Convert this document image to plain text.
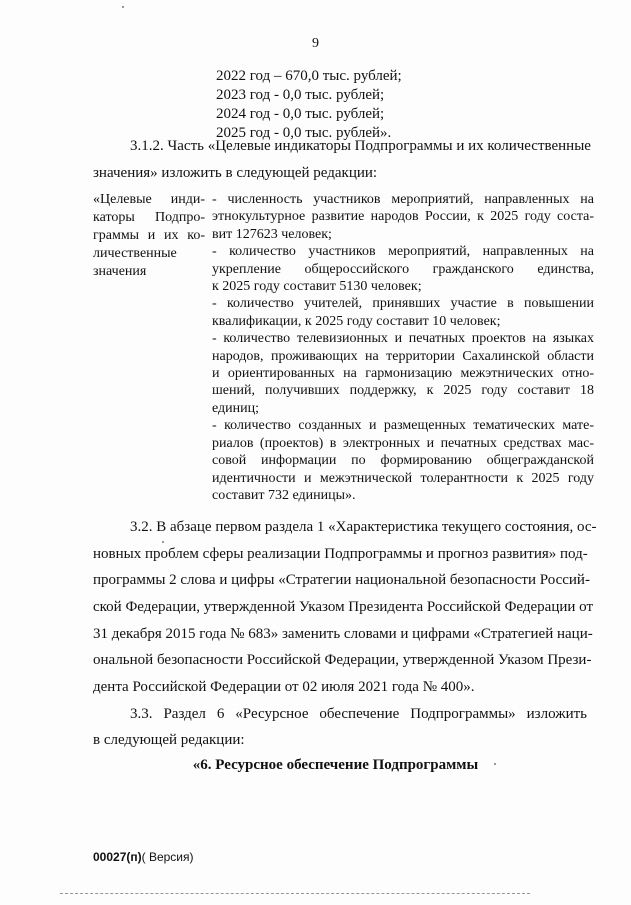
9
2022 год – 670,0 тыс. рублей;
2023 год - 0,0 тыс. рублей;
2024 год - 0,0 тыс. рублей;
2025 год - 0,0 тыс. рублей».
3.1.2. Часть «Целевые индикаторы Подпрограммы и их количественные
значения» изложить в следующей редакции:
«Целевые инди-
каторы Подпро-
граммы и их ко-
личественные
значения
- численность участников мероприятий, направленных на
этнокультурное развитие народов России, к 2025 году соста-
вит 127623 человек;
- количество участников мероприятий, направленных на
укрепление общероссийского гражданского единства,
к 2025 году составит 5130 человек;
- количество учителей, принявших участие в повышении
квалификации, к 2025 году составит 10 человек;
- количество телевизионных и печатных проектов на языках
народов, проживающих на территории Сахалинской области
и ориентированных на гармонизацию межэтнических отно-
шений, получивших поддержку, к 2025 году составит 18
единиц;
- количество созданных и размещенных тематических мате-
риалов (проектов) в электронных и печатных средствах мас-
совой информации по формированию общегражданской
идентичности и межэтнической толерантности к 2025 году
составит 732 единицы».
3.2. В абзаце первом раздела 1 «Характеристика текущего состояния, ос-
новных проблем сферы реализации Подпрограммы и прогноз развития» под-
программы 2 слова и цифры «Стратегии национальной безопасности Россий-
ской Федерации, утвержденной Указом Президента Российской Федерации от
31 декабря 2015 года № 683» заменить словами и цифрами «Стратегией наци-
ональной безопасности Российской Федерации, утвержденной Указом Прези-
дента Российской Федерации от 02 июля 2021 года № 400».
3.3. Раздел 6 «Ресурсное обеспечение Подпрограммы» изложить
в следующей редакции:
«6. Ресурсное обеспечение Подпрограммы
00027(п)( Версия)
